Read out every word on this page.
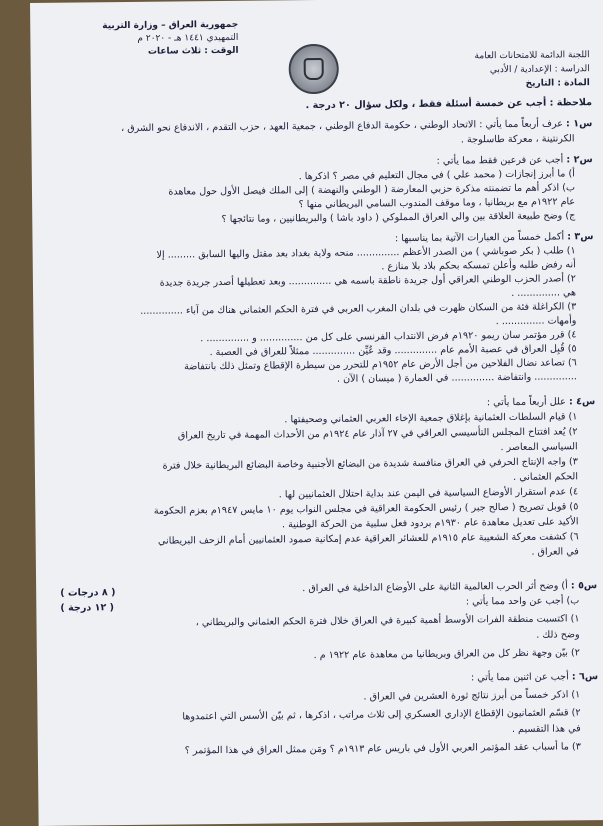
اللجنة الدائمة للامتحانات العامة
الدراسة : الإعدادية / الأدبي
المادة : التاريخ
جمهورية العراق – وزارة التربية
التمهيدي ١٤٤١ هـ - ٢٠٢٠ م
الوقت : ثلاث ساعات
ملاحظة : أجب عن خمسة أسئلة فقط ، ولكل سؤال ٢٠ درجة .
س١ : عرف أربعاً مما يأتي : الاتحاد الوطني ، حكومة الدفاع الوطني ، جمعية العهد ، حزب التقدم ، الاندفاع نحو الشرق ،
الكرنتينة ، معركة طاسلوجة .
س٢ : أجب عن فرعين فقط مما يأتي :
أ) ما أبرز إنجازات ( محمد علي ) في مجال التعليم في مصر ؟ اذكرها .
ب) اذكر أهم ما تضمنته مذكرة حزبي المعارضة ( الوطني والنهضة ) إلى الملك فيصل الأول حول معاهدة
عام ١٩٢٢م مع بريطانيا ، وما موقف المندوب السامي البريطاني منها ؟
ج) وضح طبيعة العلاقة بين والي العراق المملوكي ( داود باشا ) والبريطانيين ، وما نتائجها ؟
س٣ : أكمل خمساً من العبارات الآتية بما يناسبها :
١) طلب ( بكر صوباشي ) من الصدر الأعظم .............. منحه ولاية بغداد بعد مقتل واليها السابق ......... إلا
أنه رفض طلبه وأعلن تمسكه بحكم بلاد بلا منازع .
٢) أصدر الحزب الوطني العراقي أول جريدة ناطقة باسمه هي .............. وبعد تعطيلها أصدر جريدة جديدة
هي .............. .
٣) الكراغلة فئة من السكان ظهرت في بلدان المغرب العربي في فترة الحكم العثماني هناك من آباء ..............
وأمهات .............. .
٤) قرر مؤتمر سان ريمو ١٩٢٠م فرض الانتداب الفرنسي على كل من .............. و .............. .
٥) قُبِل العراق في عصبة الأمم عام .............. وقد عُيِّن .............. ممثلاً للعراق في العصبة .
٦) تصاعد نضال الفلاحين من أجل الأرض عام ١٩٥٢م للتحرر من سيطرة الإقطاع وتمثل ذلك بانتفاضة
.............. وانتفاضة .............. في العمارة ( ميسان ) الآن .
س٤ : علل أربعاً مما يأتي :
١) قيام السلطات العثمانية بإغلاق جمعية الإخاء العربي العثماني وصحيفتها .
٢) يُعد افتتاح المجلس التأسيسي العراقي في ٢٧ آذار عام ١٩٢٤م من الأحداث المهمة في تاريخ العراق
السياسي المعاصر .
٣) واجه الإنتاج الحرفي في العراق منافسة شديدة من البضائع الأجنبية وخاصة البضائع البريطانية خلال فترة
الحكم العثماني .
٤) عدم استقرار الأوضاع السياسية في اليمن عند بداية احتلال العثمانيين لها .
٥) قوبل تصريح ( صالح جبر ) رئيس الحكومة العراقية في مجلس النواب يوم ١٠ مايس ١٩٤٧م بعزم الحكومة
الأكيد على تعديل معاهدة عام ١٩٣٠م بردود فعل سلبية من الحركة الوطنية .
٦) كشفت معركة الشعيبة عام ١٩١٥م للعشائر العراقية عدم إمكانية صمود العثمانيين أمام الزحف البريطاني
في العراق .
س٥ : أ) وضح أثر الحرب العالمية الثانية على الأوضاع الداخلية في العراق .
( ٨ درجات )
ب) أجب عن واحد مما يأتي :
( ١٢ درجة )
١) اكتسبت منطقة الفرات الأوسط أهمية كبيرة في العراق خلال فترة الحكم العثماني والبريطاني ،
وضح ذلك .
٢) بيّن وجهة نظر كل من العراق وبريطانيا من معاهدة عام ١٩٢٢ م .
س٦ : أجب عن اثنين مما يأتي :
١) اذكر خمساً من أبرز نتائج ثورة العشرين في العراق .
٢) قسّم العثمانيون الإقطاع الإداري العسكري إلى ثلاث مراتب ، اذكرها ، ثم بيّن الأسس التي اعتمدوها
في هذا التقسيم .
٣) ما أسباب عقد المؤتمر العربي الأول في باريس عام ١٩١٣م ؟ ومَن ممثل العراق في هذا المؤتمر ؟
